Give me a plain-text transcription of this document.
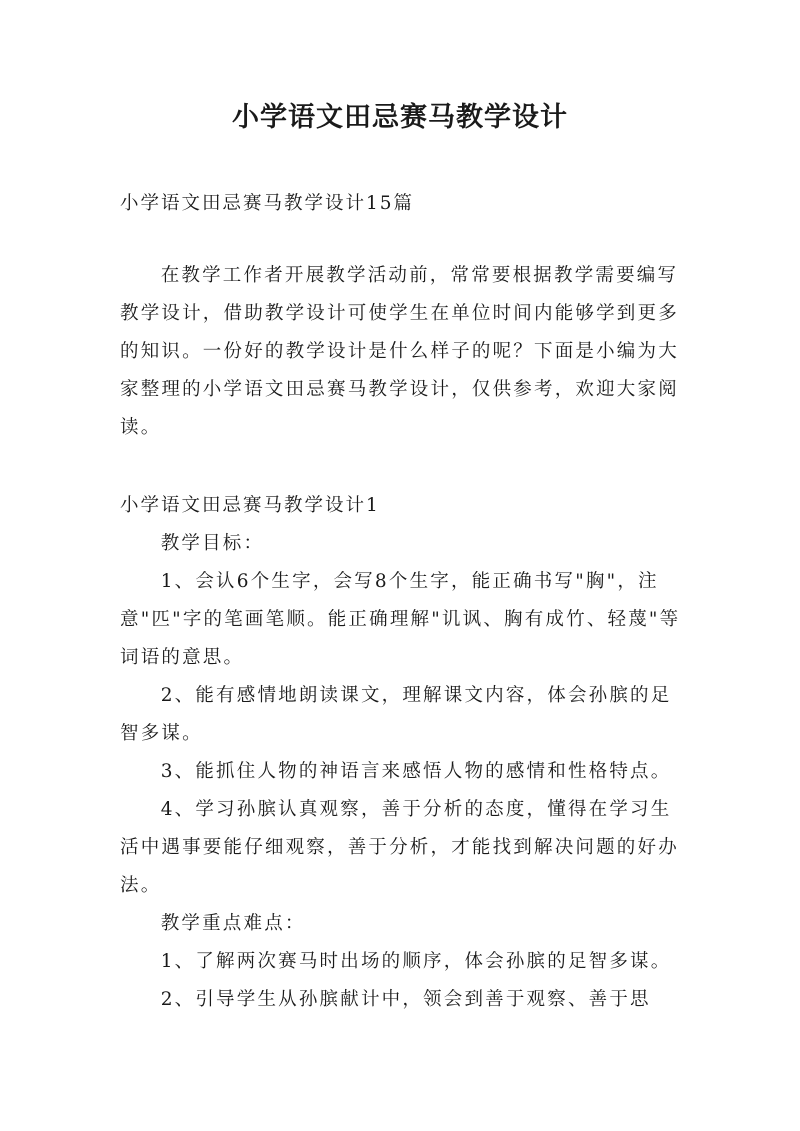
小学语文田忌赛马教学设计
小学语文田忌赛马教学设计15篇

在教学工作者开展教学活动前，常常要根据教学需要编写教学设计，借助教学设计可使学生在单位时间内能够学到更多的知识。一份好的教学设计是什么样子的呢？下面是小编为大家整理的小学语文田忌赛马教学设计，仅供参考，欢迎大家阅读。

小学语文田忌赛马教学设计1

教学目标：

1、会认6个生字，会写8个生字，能正确书写"胸"，注意"匹"字的笔画笔顺。能正确理解"讥讽、胸有成竹、轻蔑"等词语的意思。

2、能有感情地朗读课文，理解课文内容，体会孙膑的足智多谋。

3、能抓住人物的神语言来感悟人物的感情和性格特点。

4、学习孙膑认真观察，善于分析的态度，懂得在学习生活中遇事要能仔细观察，善于分析，才能找到解决问题的好办法。

教学重点难点：

1、了解两次赛马时出场的顺序，体会孙膑的足智多谋。

2、引导学生从孙膑献计中，领会到善于观察、善于思
